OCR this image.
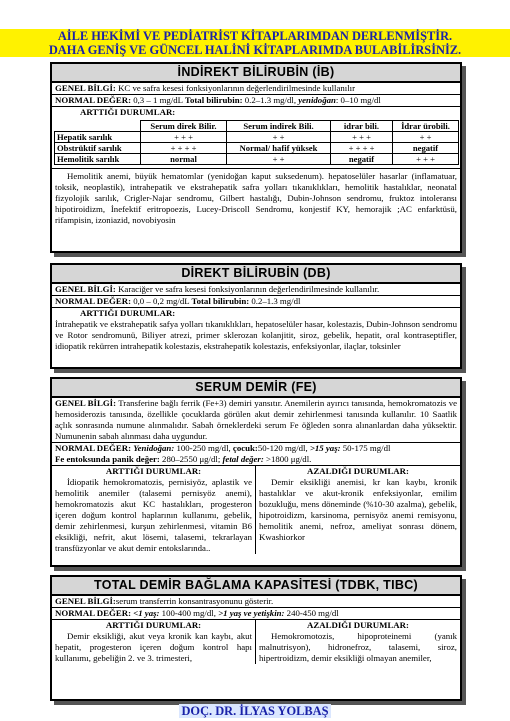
AİLE HEKİMİ VE PEDİATRİST KİTAPLARIMDAN DERLENMİŞTİR.
DAHA GENİŞ VE GÜNCEL HALİNİ KİTAPLARIMDA BULABİLİRSİNİZ.
İNDİREKT BİLİRUBİN (İB)
GENEL BİLGİ: KC ve safra kesesi fonksiyonlarının değerlendirilmesinde kullanılır
NORMAL DEĞER: 0,3 – 1 mg/dL Total bilirubin: 0.2–1.3 mg/dl, yenidoğan: 0–10 mg/dl
ARTTIĞI DURUMLAR:
	Serum direk Bilir.	Serum indirek Bili.	idrar bili.	İdrar ürobili.
Hepatik sarılık	+ + +	+ +	+ + +	+ +
Obstrüktif sarılık	+ + + +	Normal/ hafif yüksek	+ + + +	negatif
Hemolitik sarılık	normal	+ +	negatif	+ + +
Hemolitik anemi, büyük hematomlar (yenidoğan kaput suksedenum). hepatoselüler hasarlar (inflamatuar, toksik, neoplastik), intrahepatik ve ekstrahepatik safra yolları tıkanıklıkları, hemolitik hastalıklar, neonatal fizyolojik sarılık, Crigler-Najar sendromu, Gilbert hastalığı, Dubin-Johnson sendromu, fruktoz intoleransı hipotiroidizm, İnefektif eritropoezis, Lucey-Driscoll Sendromu, konjestif KY, hemorajik ;AC enfarktüsü, rifampisin, izoniazid, novobiyosin
DİREKT BİLİRUBİN (DB)
GENEL BİLGİ: Karaciğer ve safra kesesi fonksiyonlarının değerlendirilmesinde kullanılır.
NORMAL DEĞER: 0,0 – 0,2 mg/dL Total bilirubin: 0.2–1.3 mg/dl
ARTTIĞI DURUMLAR:
İntrahepatik ve ekstrahepatik safya yolları tıkanıklıkları, hepatoselüler hasar, kolestazis, Dubin-Johnson sendromu ve Rotor sendromunü, Biliyer atrezi, primer sklerozan kolanjitit, siroz, gebelik, hepatit, oral kontraseptifler, idiopatik rekürren intrahepatik kolestazis, ekstrahepatik kolestazis, enfeksiyonlar, ilaçlar, toksinler
SERUM DEMİR (FE)
GENEL BİLGİ: Transferine bağlı ferrik (Fe+3) demiri yansıtır. Anemilerin ayırıcı tanısında, hemokromatozis ve hemosiderozis tanısında, özellikle çocuklarda görülen akut demir zehirlenmesi tanısında kullanılır. 10 Saatlik açlık sonrasında numune alınmalıdır. Sabah örneklerdeki serum Fe öğleden sonra alınanlardan daha yüksektir. Numunenin sabah alınması daha uygundur.
NORMAL DEĞER: Yenidoğan: 100-250 mg/dl, çocuk:50-120 mg/dl, >15 yaş: 50-175 mg/dl
Fe entoksunda panik değer: 280–2550 μg/dl; fetal değer: >1800 μg/dl.
ARTTIĞI DURUMLAR:
İdiopatik hemokromatozis, pernisiyöz, aplastik ve hemolitik anemiler (talasemi pernisyöz anemi), hemokromatozis akut KC hastalıkları, progesteron içeren doğum kontrol haplarının kullanımı, gebelik, demir zehirlenmesi, kurşun zehirlenmesi, vitamin B6 eksikliği, nefrit, akut lösemi, talasemi, tekrarlayan transfüzyonlar ve akut demir entokslarında..
AZALDIĞI DURUMLAR:
Demir eksikliği anemisi, kr kan kaybı, kronik hastalıklar ve akut-kronik enfeksiyonlar, emilim bozukluğu, mens döneminde (%10-30 azalma), gebelik, hipotroidizm, karsinoma, pernisyöz anemi remisyonu, hemolitik anemi, nefroz, ameliyat sonrası dönem, Kwashiorkor
TOTAL DEMİR BAĞLAMA KAPASİTESİ (TDBK, TIBC)
GENEL BİLGİ:serum transferrin konsantrasyonunu gösterir.
NORMAL DEĞER: <1 yaş: 100-400 mg/dl, >1 yaş ve yetişkin: 240-450 mg/dl
ARTTIĞI DURUMLAR:
Demir eksikliği, akut veya kronik kan kaybı, akut hepatit, progesteron içeren doğum kontrol hapı kullanımı, gebeliğin 2. ve 3. trimesteri,
AZALDIĞI DURUMLAR:
Hemokromotozis, hipoproteinemi (yanık malnutrisyon), hidronefroz, talasemi, siroz, hipertroidizm, demir eksikliği olmayan anemiler,
DOÇ. DR. İLYAS YOLBAŞ
